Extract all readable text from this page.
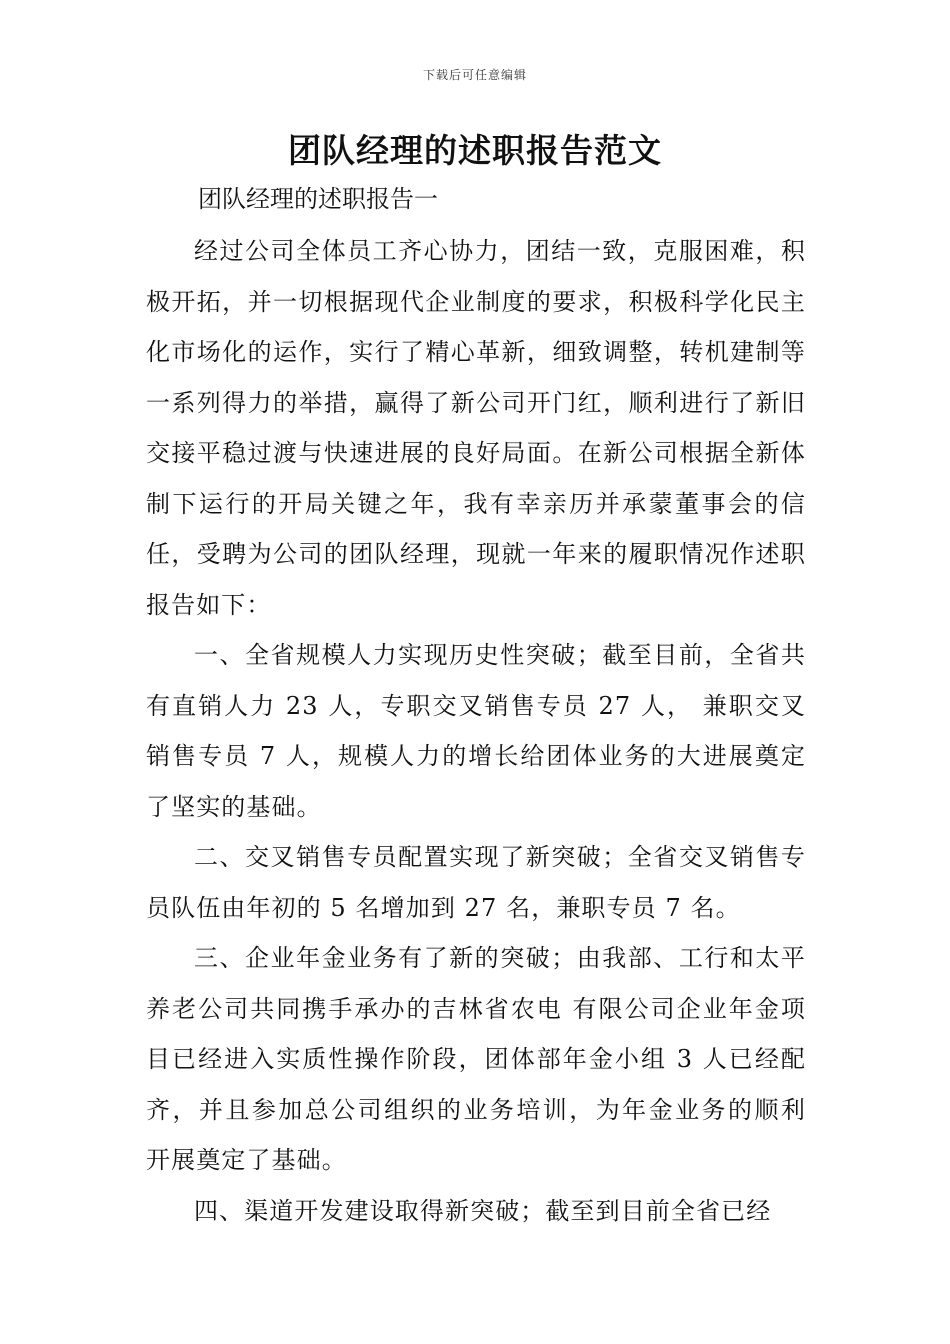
下载后可任意编辑
团队经理的述职报告范文
团队经理的述职报告一

经过公司全体员工齐心协力，团结一致，克服困难，积极开拓，并一切根据现代企业制度的要求，积极科学化民主化市场化的运作，实行了精心革新，细致调整，转机建制等一系列得力的举措，赢得了新公司开门红，顺利进行了新旧交接平稳过渡与快速进展的良好局面。在新公司根据全新体制下运行的开局关键之年，我有幸亲历并承蒙董事会的信任，受聘为公司的团队经理，现就一年来的履职情况作述职报告如下：

一、全省规模人力实现历史性突破；截至目前，全省共有直销人力 23 人，专职交叉销售专员 27 人， 兼职交叉销售专员 7 人，规模人力的增长给团体业务的大进展奠定了坚实的基础。

二、交叉销售专员配置实现了新突破；全省交叉销售专员队伍由年初的 5 名增加到 27 名，兼职专员 7 名。

三、企业年金业务有了新的突破；由我部、工行和太平养老公司共同携手承办的吉林省农电 有限公司企业年金项目已经进入实质性操作阶段，团体部年金小组 3 人已经配齐，并且参加总公司组织的业务培训，为年金业务的顺利 开展奠定了基础。

四、渠道开发建设取得新突破；截至到目前全省已经
